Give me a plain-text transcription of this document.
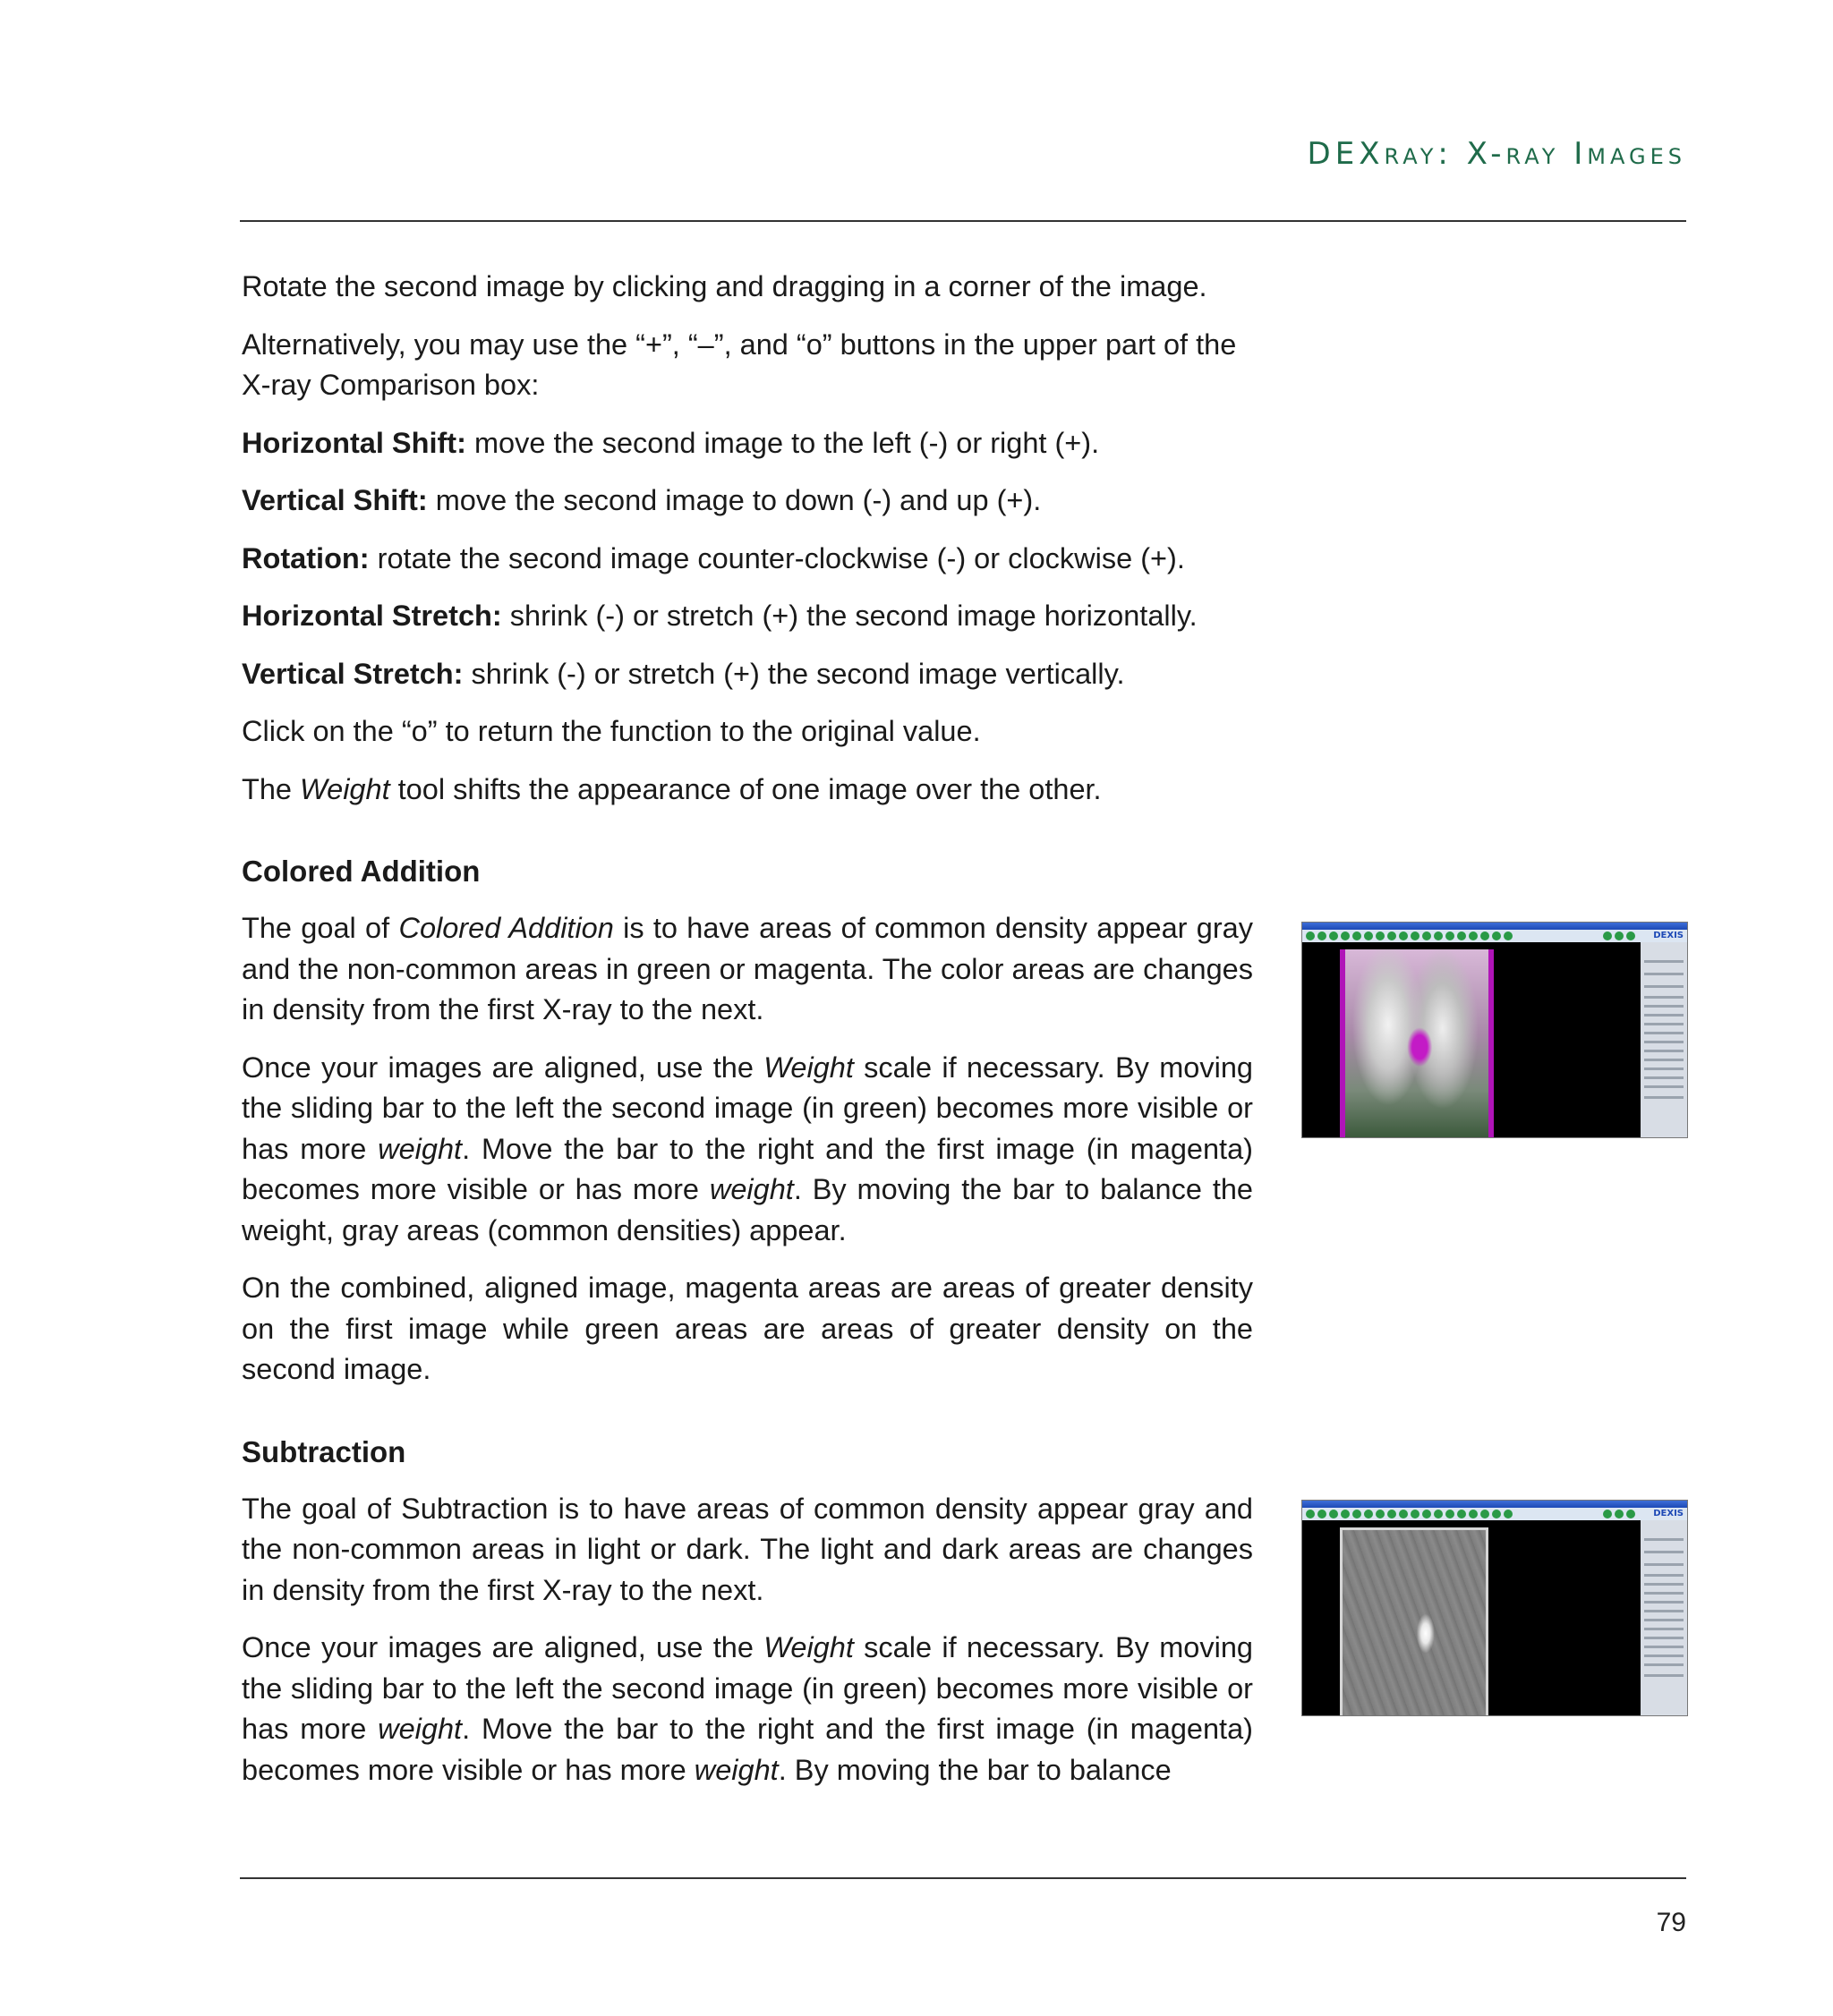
DEXray: X-ray Images

Rotate the second image by clicking and dragging in a corner of the image.

Alternatively, you may use the “+”, “–”, and “o” buttons in the upper part of the X-ray Comparison box:

Horizontal Shift: move the second image to the left (-) or right (+).

Vertical Shift: move the second image to down (-) and up (+).

Rotation: rotate the second image counter-clockwise (-) or clockwise (+).

Horizontal Stretch: shrink (-) or stretch (+) the second image horizontally.

Vertical Stretch: shrink (-) or stretch (+) the second image vertically.

Click on the “o” to return the function to the original value.

The Weight tool shifts the appearance of one image over the other.

Colored Addition

The goal of Colored Addition is to have areas of common density appear gray and the non-common areas in green or magenta. The color areas are changes in density from the first X-ray to the next.

Once your images are aligned, use the Weight scale if necessary. By moving the sliding bar to the left the second image (in green) becomes more visible or has more weight. Move the bar to the right and the first image (in magenta) becomes more visible or has more weight. By moving the bar to balance the weight, gray areas (common densities) appear.

On the combined, aligned image, magenta areas are areas of greater density on the first image while green areas are areas of greater density on the second image.

Subtraction

The goal of Subtraction is to have areas of common density appear gray and the non-common areas in light or dark. The light and dark areas are changes in density from the first X-ray to the next.

Once your images are aligned, use the Weight scale if necessary. By moving the sliding bar to the left the second image (in green) becomes more visible or has more weight. Move the bar to the right and the first image (in magenta) becomes more visible or has more weight. By moving the bar to balance

DEXIS
DEXIS
79
